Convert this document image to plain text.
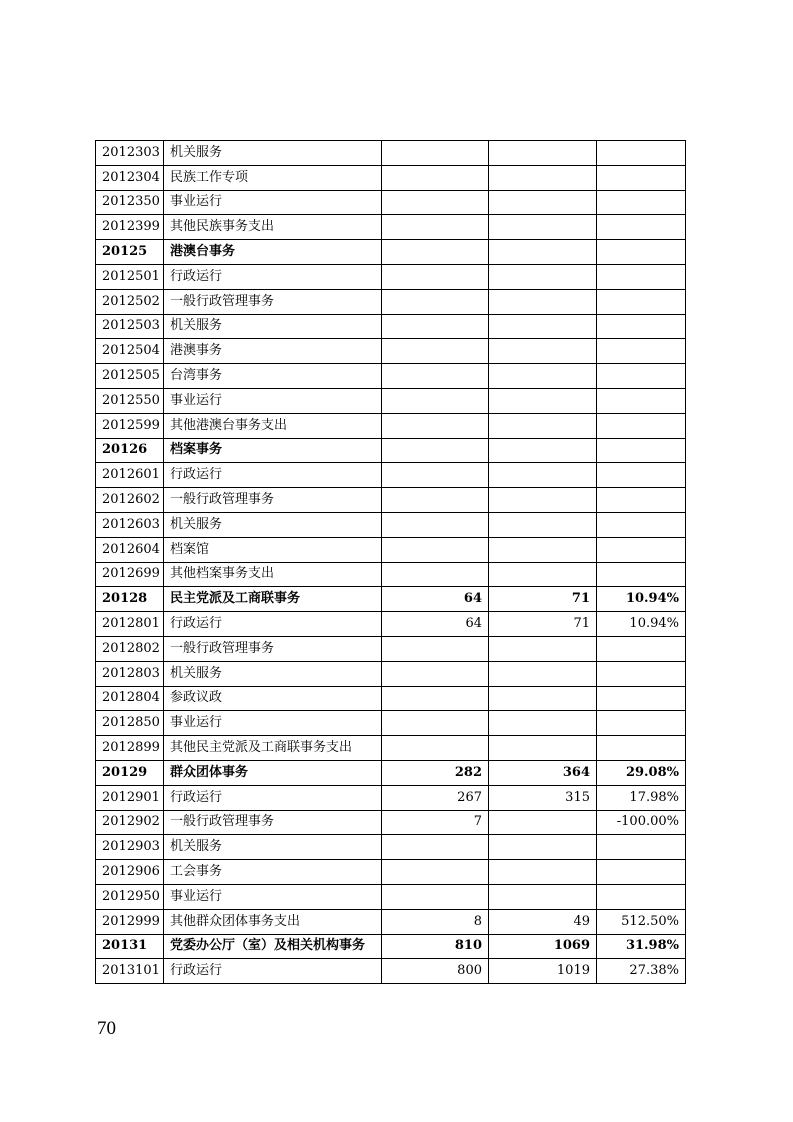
2012303	机关服务			
2012304	民族工作专项			
2012350	事业运行			
2012399	其他民族事务支出			
20125	港澳台事务			
2012501	行政运行			
2012502	一般行政管理事务			
2012503	机关服务			
2012504	港澳事务			
2012505	台湾事务			
2012550	事业运行			
2012599	其他港澳台事务支出			
20126	档案事务			
2012601	行政运行			
2012602	一般行政管理事务			
2012603	机关服务			
2012604	档案馆			
2012699	其他档案事务支出			
20128	民主党派及工商联事务	64	71	10.94%
2012801	行政运行	64	71	10.94%
2012802	一般行政管理事务			
2012803	机关服务			
2012804	参政议政			
2012850	事业运行			
2012899	其他民主党派及工商联事务支出			
20129	群众团体事务	282	364	29.08%
2012901	行政运行	267	315	17.98%
2012902	一般行政管理事务	7		-100.00%
2012903	机关服务			
2012906	工会事务			
2012950	事业运行			
2012999	其他群众团体事务支出	8	49	512.50%
20131	党委办公厅（室）及相关机构事务	810	1069	31.98%
2013101	行政运行	800	1019	27.38%
70
